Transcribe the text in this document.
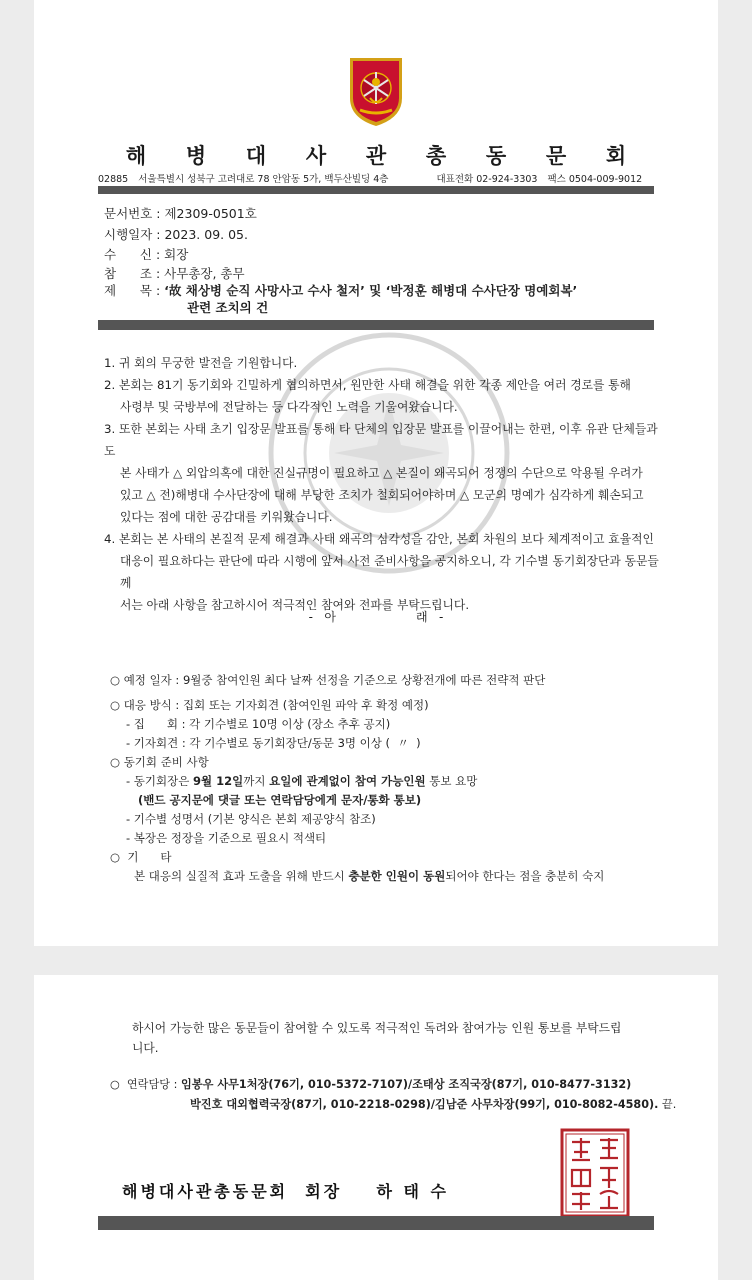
해 병 대 사 관 총 동 문 회
02885 서울특별시 성북구 고려대로 78 안암동 5가, 백두산빌딩 4층	대표전화 02-924-3303 팩스 0504-009-9012
문서번호 : 제2309-0501호
시행일자 : 2023. 09. 05.
수      신 : 회장
참      조 : 사무총장, 총무
제      목 : ‘故 채상병 순직 사망사고 수사 철저’ 및 ‘박정훈 해병대 수사단장 명예회복’
관련 조치의 건

1. 귀 회의 무궁한 발전을 기원합니다.

2. 본회는 81기 동기회와 긴밀하게 협의하면서, 원만한 사태 해결을 위한 각종 제안을 여러 경로를 통해

사령부 및 국방부에 전달하는 등 다각적인 노력을 기울여왔습니다.

3. 또한 본회는 사태 초기 입장문 발표를 통해 타 단체의 입장문 발표를 이끌어내는 한편, 이후 유관 단체들과도

본 사태가 △ 외압의혹에 대한 진실규명이 필요하고 △ 본질이 왜곡되어 정쟁의 수단으로 악용될 우려가

있고 △ 전)해병대 수사단장에 대해 부당한 조치가 철회되어야하며 △ 모군의 명예가 심각하게 훼손되고

있다는 점에 대한 공감대를 키워왔습니다.

4. 본회는 본 사태의 본질적 문제 해결과 사태 왜곡의 심각성을 감안, 본회 차원의 보다 체계적이고 효율적인

대응이 필요하다는 판단에 따라 시행에 앞서 사전 준비사항을 공지하오니, 각 기수별 동기회장단과 동문들께

서는 아래 사항을 참고하시어 적극적인 참여와 전파를 부탁드립니다.

-   아	래   -
○ 예정 일자 : 9월중 참여인원 최다 날짜 선정을 기준으로 상황전개에 따른 전략적 판단
○ 대응 방식 : 집회 또는 기자회견 (참여인원 파악 후 확정 예정)
- 집      회 : 각 기수별로 10명 이상 (장소 추후 공지)
- 기자회견 : 각 기수별로 동기회장단/동문 3명 이상 (  〃  )
○ 동기회 준비 사항
- 동기회장은 9월 12일까지 요일에 관계없이 참여 가능인원 통보 요망
(밴드 공지문에 댓글 또는 연락담당에게 문자/통화 통보)
- 기수별 성명서 (기본 양식은 본회 제공양식 참조)
- 복장은 정장을 기준으로 필요시 적색티
○  기      타
본 대응의 실질적 효과 도출을 위해 반드시 충분한 인원이 동원되어야 한다는 점을 충분히 숙지
하시어 가능한 많은 동문들이 참여할 수 있도록 적극적인 독려와 참여가능 인원 통보를 부탁드립
니다.
○  연락담당 : 임봉우 사무1처장(76기, 010-5372-7107)/조태상 조직국장(87기, 010-8477-3132)
박진호 대외협력국장(87기, 010-2218-0298)/김남준 사무차장(99기, 010-8082-4580). 끝.
해병대사관총동문회  회장    하 태 수
